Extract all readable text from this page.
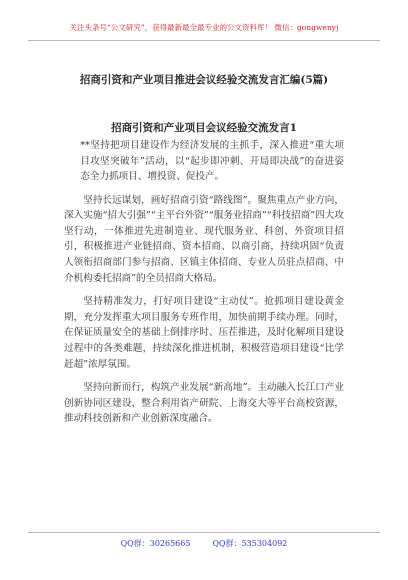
关注头条号“公文研究”，获得最新最全最专业的公文资料库！ 微信：gongwenyj
招商引资和产业项目推进会议经验交流发言汇编(5篇)
招商引资和产业项目会议经验交流发言1

**坚持把项目建设作为经济发展的主抓手，深入推进“重大项目攻坚突破年”活动，以“起步即冲刺、开局即决战”的奋进姿态全力抓项目、增投资、促投产。

坚持长远谋划，画好招商引资“路线图”。聚焦重点产业方向，深入实施“招大引强”“主平台外资”“服务业招商”“科技招商”四大攻坚行动，一体推进先进制造业、现代服务业、科创、外资项目招引，积极推进产业链招商、资本招商、以商引商，持续巩固“负责人领衔招商部门参与招商、区镇主体招商、专业人员驻点招商、中介机构委托招商”的全员招商大格局。

坚持精准发力，打好项目建设“主动仗”。抢抓项目建设黄金期，充分发挥重大项目服务专班作用，加快前期手续办理。同时，在保证质量安全的基础上倒排序时、压茬推进，及时化解项目建设过程中的各类难题，持续深化推进机制，积极营造项目建设“比学赶超”浓厚氛围。

坚持向新而行，构筑产业发展“新高地”。主动融入长江口产业创新协同区建设，整合利用省产研院、上海交大等平台高校资源，推动科技创新和产业创新深度融合。

QQ群：30265665	QQ群：535304092
